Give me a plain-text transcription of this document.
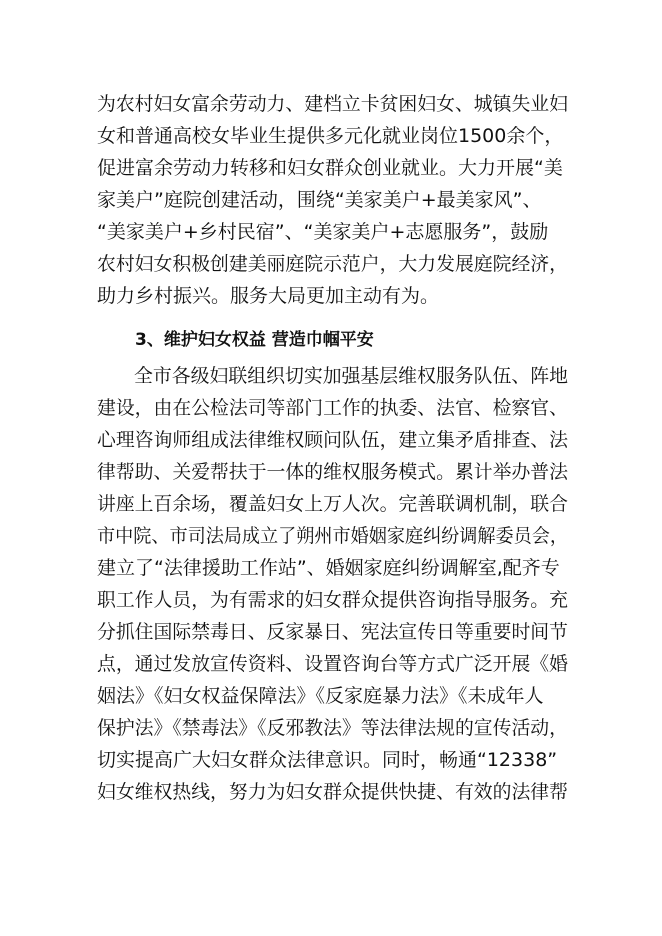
为农村妇女富余劳动力、建档立卡贫困妇女、城镇失业妇
女和普通高校女毕业生提供多元化就业岗位1500余个，
促进富余劳动力转移和妇女群众创业就业。大力开展“美
家美户”庭院创建活动，围绕“美家美户+最美家风”、
“美家美户+乡村民宿”、“美家美户+志愿服务”，鼓励
农村妇女积极创建美丽庭院示范户，大力发展庭院经济，
助力乡村振兴。服务大局更加主动有为。
3、维护妇女权益 营造巾帼平安
全市各级妇联组织切实加强基层维权服务队伍、阵地
建设，由在公检法司等部门工作的执委、法官、检察官、
心理咨询师组成法律维权顾问队伍，建立集矛盾排查、法
律帮助、关爱帮扶于一体的维权服务模式。累计举办普法
讲座上百余场，覆盖妇女上万人次。完善联调机制，联合
市中院、市司法局成立了朔州市婚姻家庭纠纷调解委员会，
建立了“法律援助工作站”、婚姻家庭纠纷调解室,配齐专
职工作人员，为有需求的妇女群众提供咨询指导服务。充
分抓住国际禁毒日、反家暴日、宪法宣传日等重要时间节
点，通过发放宣传资料、设置咨询台等方式广泛开展《婚
姻法》《妇女权益保障法》《反家庭暴力法》《未成年人
保护法》《禁毒法》《反邪教法》等法律法规的宣传活动，
切实提高广大妇女群众法律意识。同时，畅通“12338”
妇女维权热线，努力为妇女群众提供快捷、有效的法律帮
